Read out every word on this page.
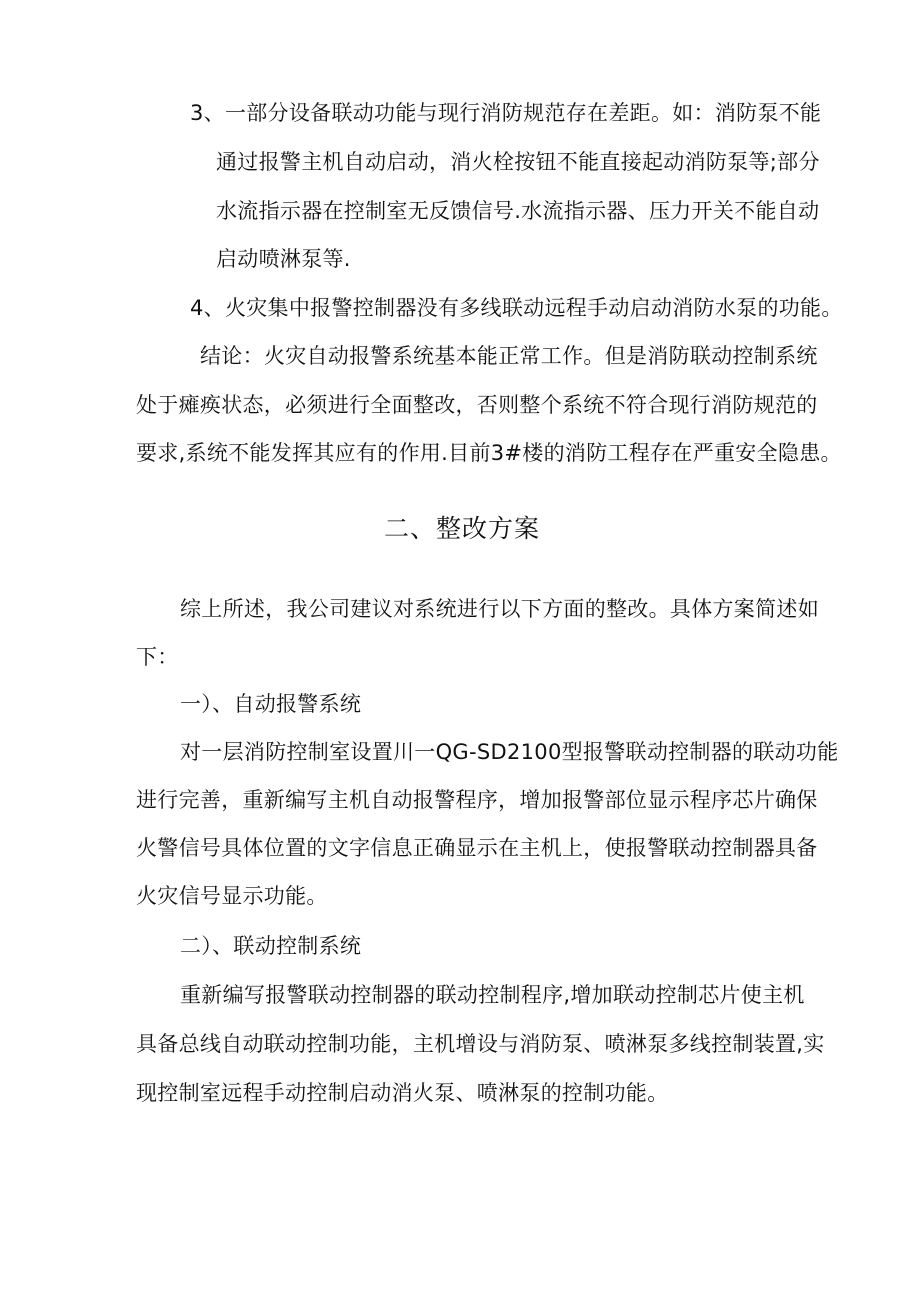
3、一部分设备联动功能与现行消防规范存在差距。如：消防泵不能
通过报警主机自动启动，消火栓按钮不能直接起动消防泵等;部分
水流指示器在控制室无反馈信号.水流指示器、压力开关不能自动
启动喷淋泵等.
4、火灾集中报警控制器没有多线联动远程手动启动消防水泵的功能。
结论：火灾自动报警系统基本能正常工作。但是消防联动控制系统
处于瘫痪状态，必须进行全面整改，否则整个系统不符合现行消防规范的
要求,系统不能发挥其应有的作用.目前3#楼的消防工程存在严重安全隐患。
二、整改方案
综上所述，我公司建议对系统进行以下方面的整改。具体方案简述如
下：
一）、自动报警系统
对一层消防控制室设置川一QG-SD2100型报警联动控制器的联动功能
进行完善，重新编写主机自动报警程序，增加报警部位显示程序芯片确保
火警信号具体位置的文字信息正确显示在主机上，使报警联动控制器具备
火灾信号显示功能。
二）、联动控制系统
重新编写报警联动控制器的联动控制程序,增加联动控制芯片使主机
具备总线自动联动控制功能，主机增设与消防泵、喷淋泵多线控制装置,实
现控制室远程手动控制启动消火泵、喷淋泵的控制功能。
